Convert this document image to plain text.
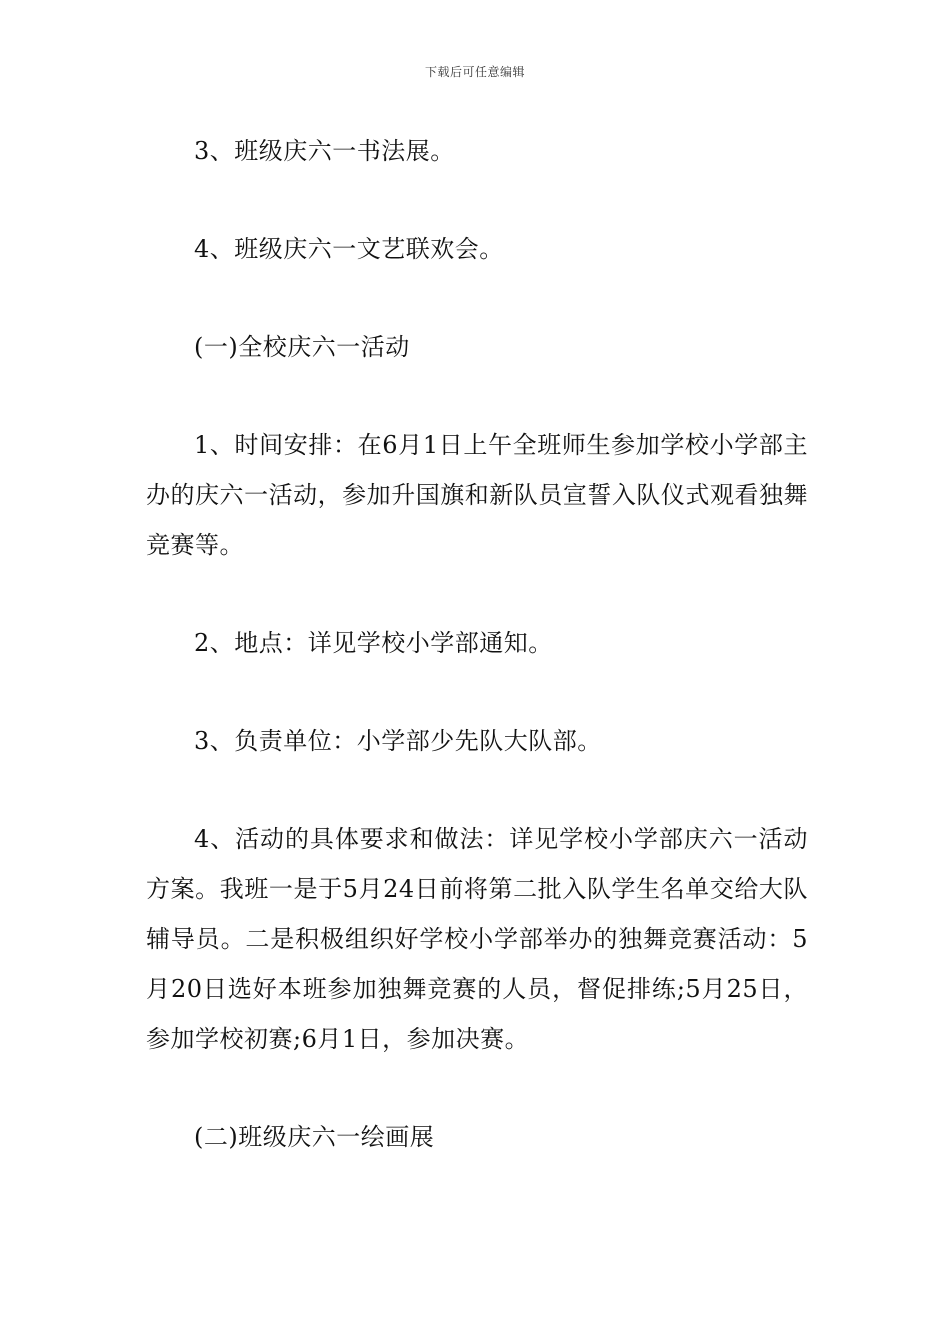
下载后可任意编辑

3、班级庆六一书法展。

4、班级庆六一文艺联欢会。

(一)全校庆六一活动

1、时间安排：在6月1日上午全班师生参加学校小学部主办的庆六一活动，参加升国旗和新队员宣誓入队仪式观看独舞竞赛等。

2、地点：详见学校小学部通知。

3、负责单位：小学部少先队大队部。

4、活动的具体要求和做法：详见学校小学部庆六一活动方案。我班一是于5月24日前将第二批入队学生名单交给大队辅导员。二是积极组织好学校小学部举办的独舞竞赛活动：5月20日选好本班参加独舞竞赛的人员，督促排练;5月25日，参加学校初赛;6月1日，参加决赛。

(二)班级庆六一绘画展
